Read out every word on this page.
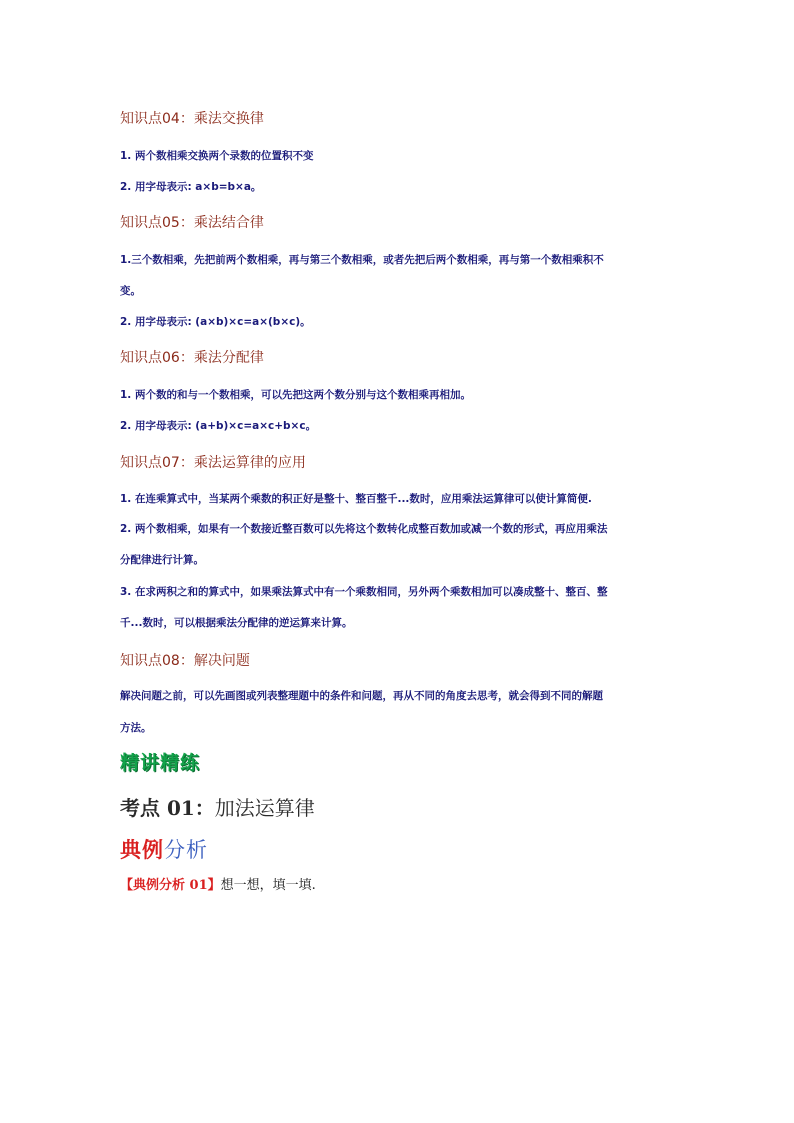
知识点04：乘法交换律
1. 两个数相乘交换两个录数的位置积不变
2. 用字母表示: a×b=b×a。
知识点05：乘法结合律
1.三个数相乘，先把前两个数相乘，再与第三个数相乘，或者先把后两个数相乘，再与第一个数相乘积不
变。
2. 用字母表示: (a×b)×c=a×(b×c)。
知识点06：乘法分配律
1. 两个数的和与一个数相乘，可以先把这两个数分别与这个数相乘再相加。
2. 用字母表示: (a+b)×c=a×c+b×c。
知识点07：乘法运算律的应用
1. 在连乘算式中，当某两个乘数的积正好是整十、整百整千...数时，应用乘法运算律可以使计算简便.
2. 两个数相乘，如果有一个数接近整百数可以先将这个数转化成整百数加或减一个数的形式，再应用乘法
分配律进行计算。
3. 在求两积之和的算式中，如果乘法算式中有一个乘数相同，另外两个乘数相加可以凑成整十、整百、整
千...数时，可以根据乘法分配律的逆运算来计算。
知识点08：解决问题
解决问题之前，可以先画图或列表整理题中的条件和问题，再从不同的角度去思考，就会得到不同的解题
方法。
精讲精练
考点 01：加法运算律
典例分析
【典例分析 01】想一想，填一填.
